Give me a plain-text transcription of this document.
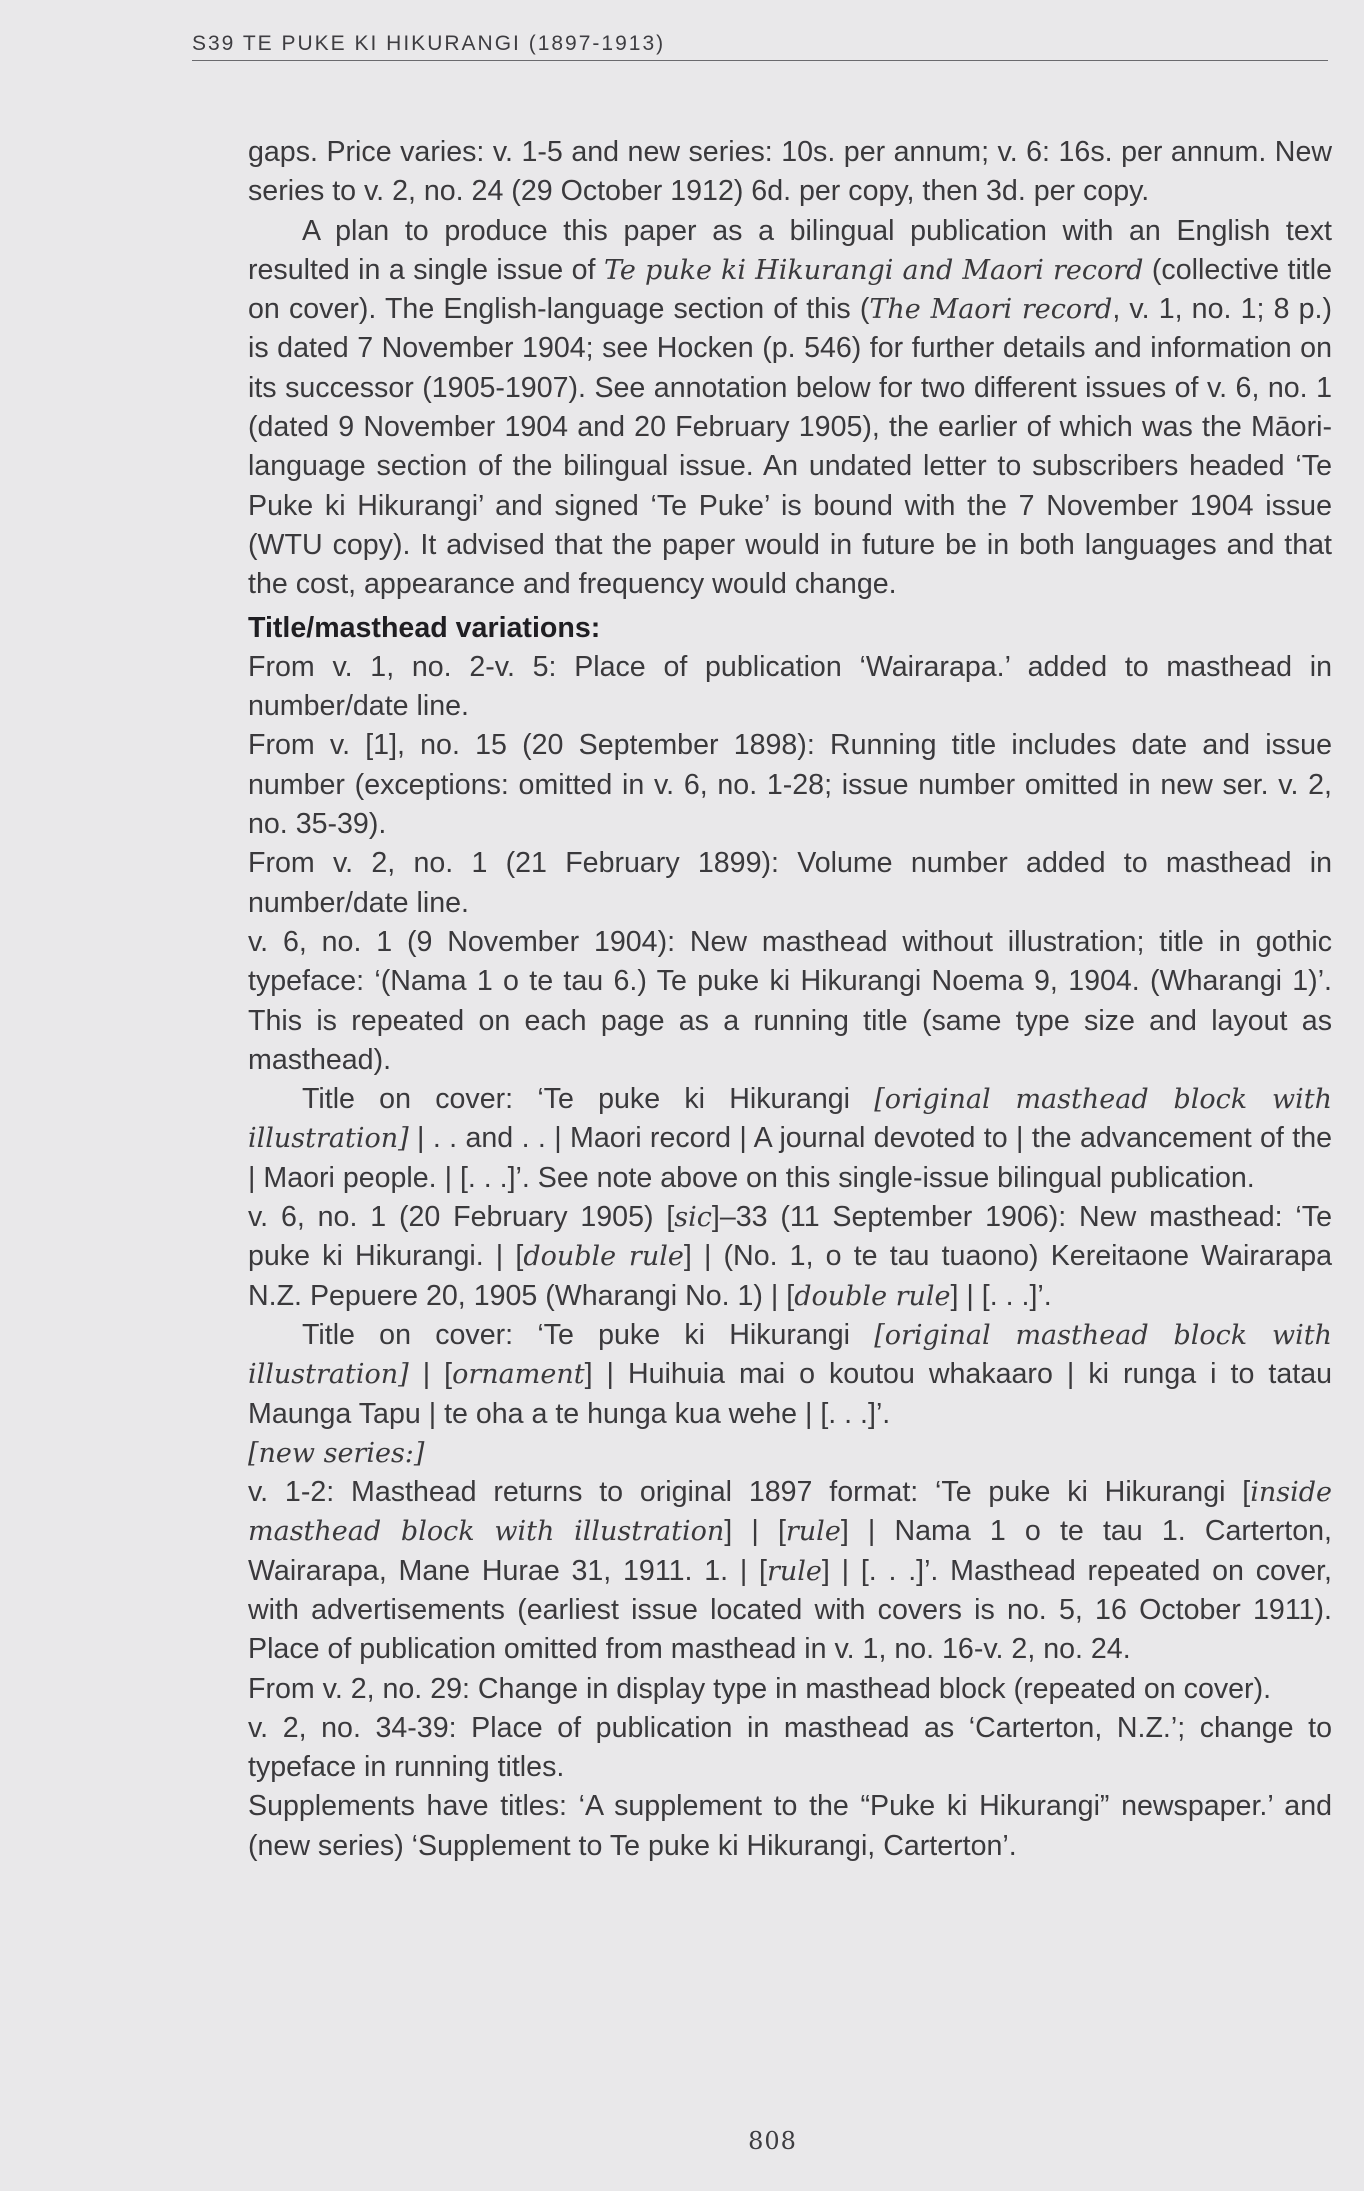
S39 TE PUKE KI HIKURANGI (1897-1913)

gaps. Price varies: v. 1-5 and new series: 10s. per annum; v. 6: 16s. per annum. New series to v. 2, no. 24 (29 October 1912) 6d. per copy, then 3d. per copy.

A plan to produce this paper as a bilingual publication with an English text resulted in a single issue of Te puke ki Hikurangi and Maori record (collective title on cover). The English-language section of this (The Maori record, v. 1, no. 1; 8 p.) is dated 7 November 1904; see Hocken (p. 546) for further details and information on its successor (1905-1907). See annotation below for two different issues of v. 6, no. 1 (dated 9 November 1904 and 20 February 1905), the earlier of which was the Māori-language section of the bilingual issue. An undated letter to subscribers headed ‘Te Puke ki Hikurangi’ and signed ‘Te Puke’ is bound with the 7 November 1904 issue (WTU copy). It advised that the paper would in future be in both languages and that the cost, appearance and frequency would change.

Title/masthead variations:

From v. 1, no. 2-v. 5: Place of publication ‘Wairarapa.’ added to masthead in number/date line.

From v. [1], no. 15 (20 September 1898): Running title includes date and issue number (exceptions: omitted in v. 6, no. 1-28; issue number omitted in new ser. v. 2, no. 35-39).

From v. 2, no. 1 (21 February 1899): Volume number added to masthead in number/date line.

v. 6, no. 1 (9 November 1904): New masthead without illustration; title in gothic typeface: ‘(Nama 1 o te tau 6.) Te puke ki Hikurangi Noema 9, 1904. (Wharangi 1)’. This is repeated on each page as a running title (same type size and layout as masthead).

Title on cover: ‘Te puke ki Hikurangi [original masthead block with illustration] | . . and . . | Maori record | A journal devoted to | the advancement of the | Maori people. | [. . .]’. See note above on this single-issue bilingual publication.

v. 6, no. 1 (20 February 1905) [sic]–33 (11 September 1906): New masthead: ‘Te puke ki Hikurangi. | [double rule] | (No. 1, o te tau tuaono) Kereitaone Wairarapa N.Z. Pepuere 20, 1905 (Wharangi No. 1) | [double rule] | [. . .]’.

Title on cover: ‘Te puke ki Hikurangi [original masthead block with illustration] | [ornament] | Huihuia mai o koutou whakaaro | ki runga i to tatau Maunga Tapu | te oha a te hunga kua wehe | [. . .]’.

[new series:]

v. 1-2: Masthead returns to original 1897 format: ‘Te puke ki Hikurangi [inside masthead block with illustration] | [rule] | Nama 1 o te tau 1. Carterton, Wairarapa, Mane Hurae 31, 1911. 1. | [rule] | [. . .]’. Masthead repeated on cover, with advertisements (earliest issue located with covers is no. 5, 16 October 1911). Place of publication omitted from masthead in v. 1, no. 16-v. 2, no. 24.

From v. 2, no. 29: Change in display type in masthead block (repeated on cover).

v. 2, no. 34-39: Place of publication in masthead as ‘Carterton, N.Z.’; change to typeface in running titles.

Supplements have titles: ‘A supplement to the “Puke ki Hikurangi” newspaper.’ and (new series) ‘Supplement to Te puke ki Hikurangi, Carterton’.

808
